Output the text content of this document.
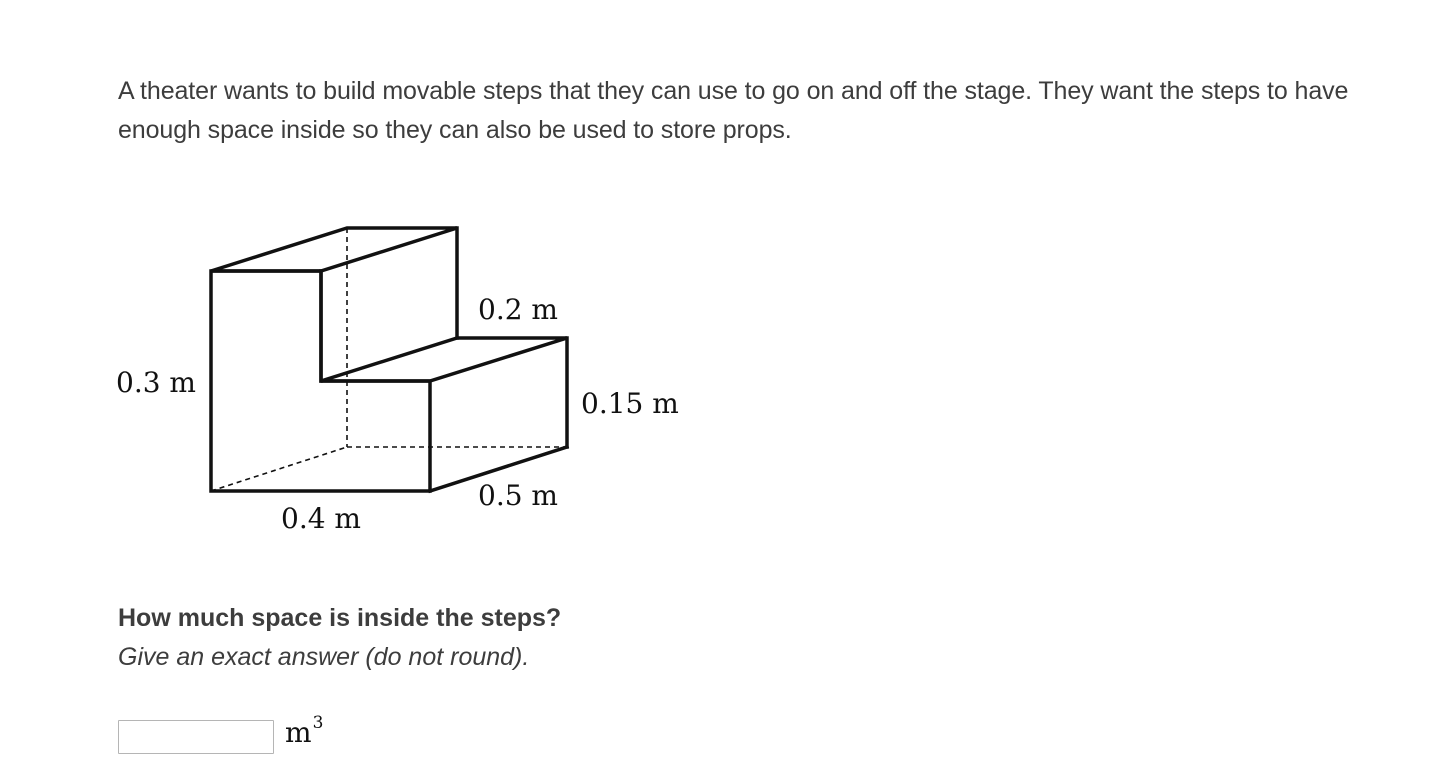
A theater wants to build movable steps that they can use to go on and off the stage. They want the steps to have enough space inside so they can also be used to store props.

0.3 m
0.2 m
0.15 m
0.5 m
0.4 m

How much space is inside the steps?

Give an exact answer (do not round).

$m^3$
